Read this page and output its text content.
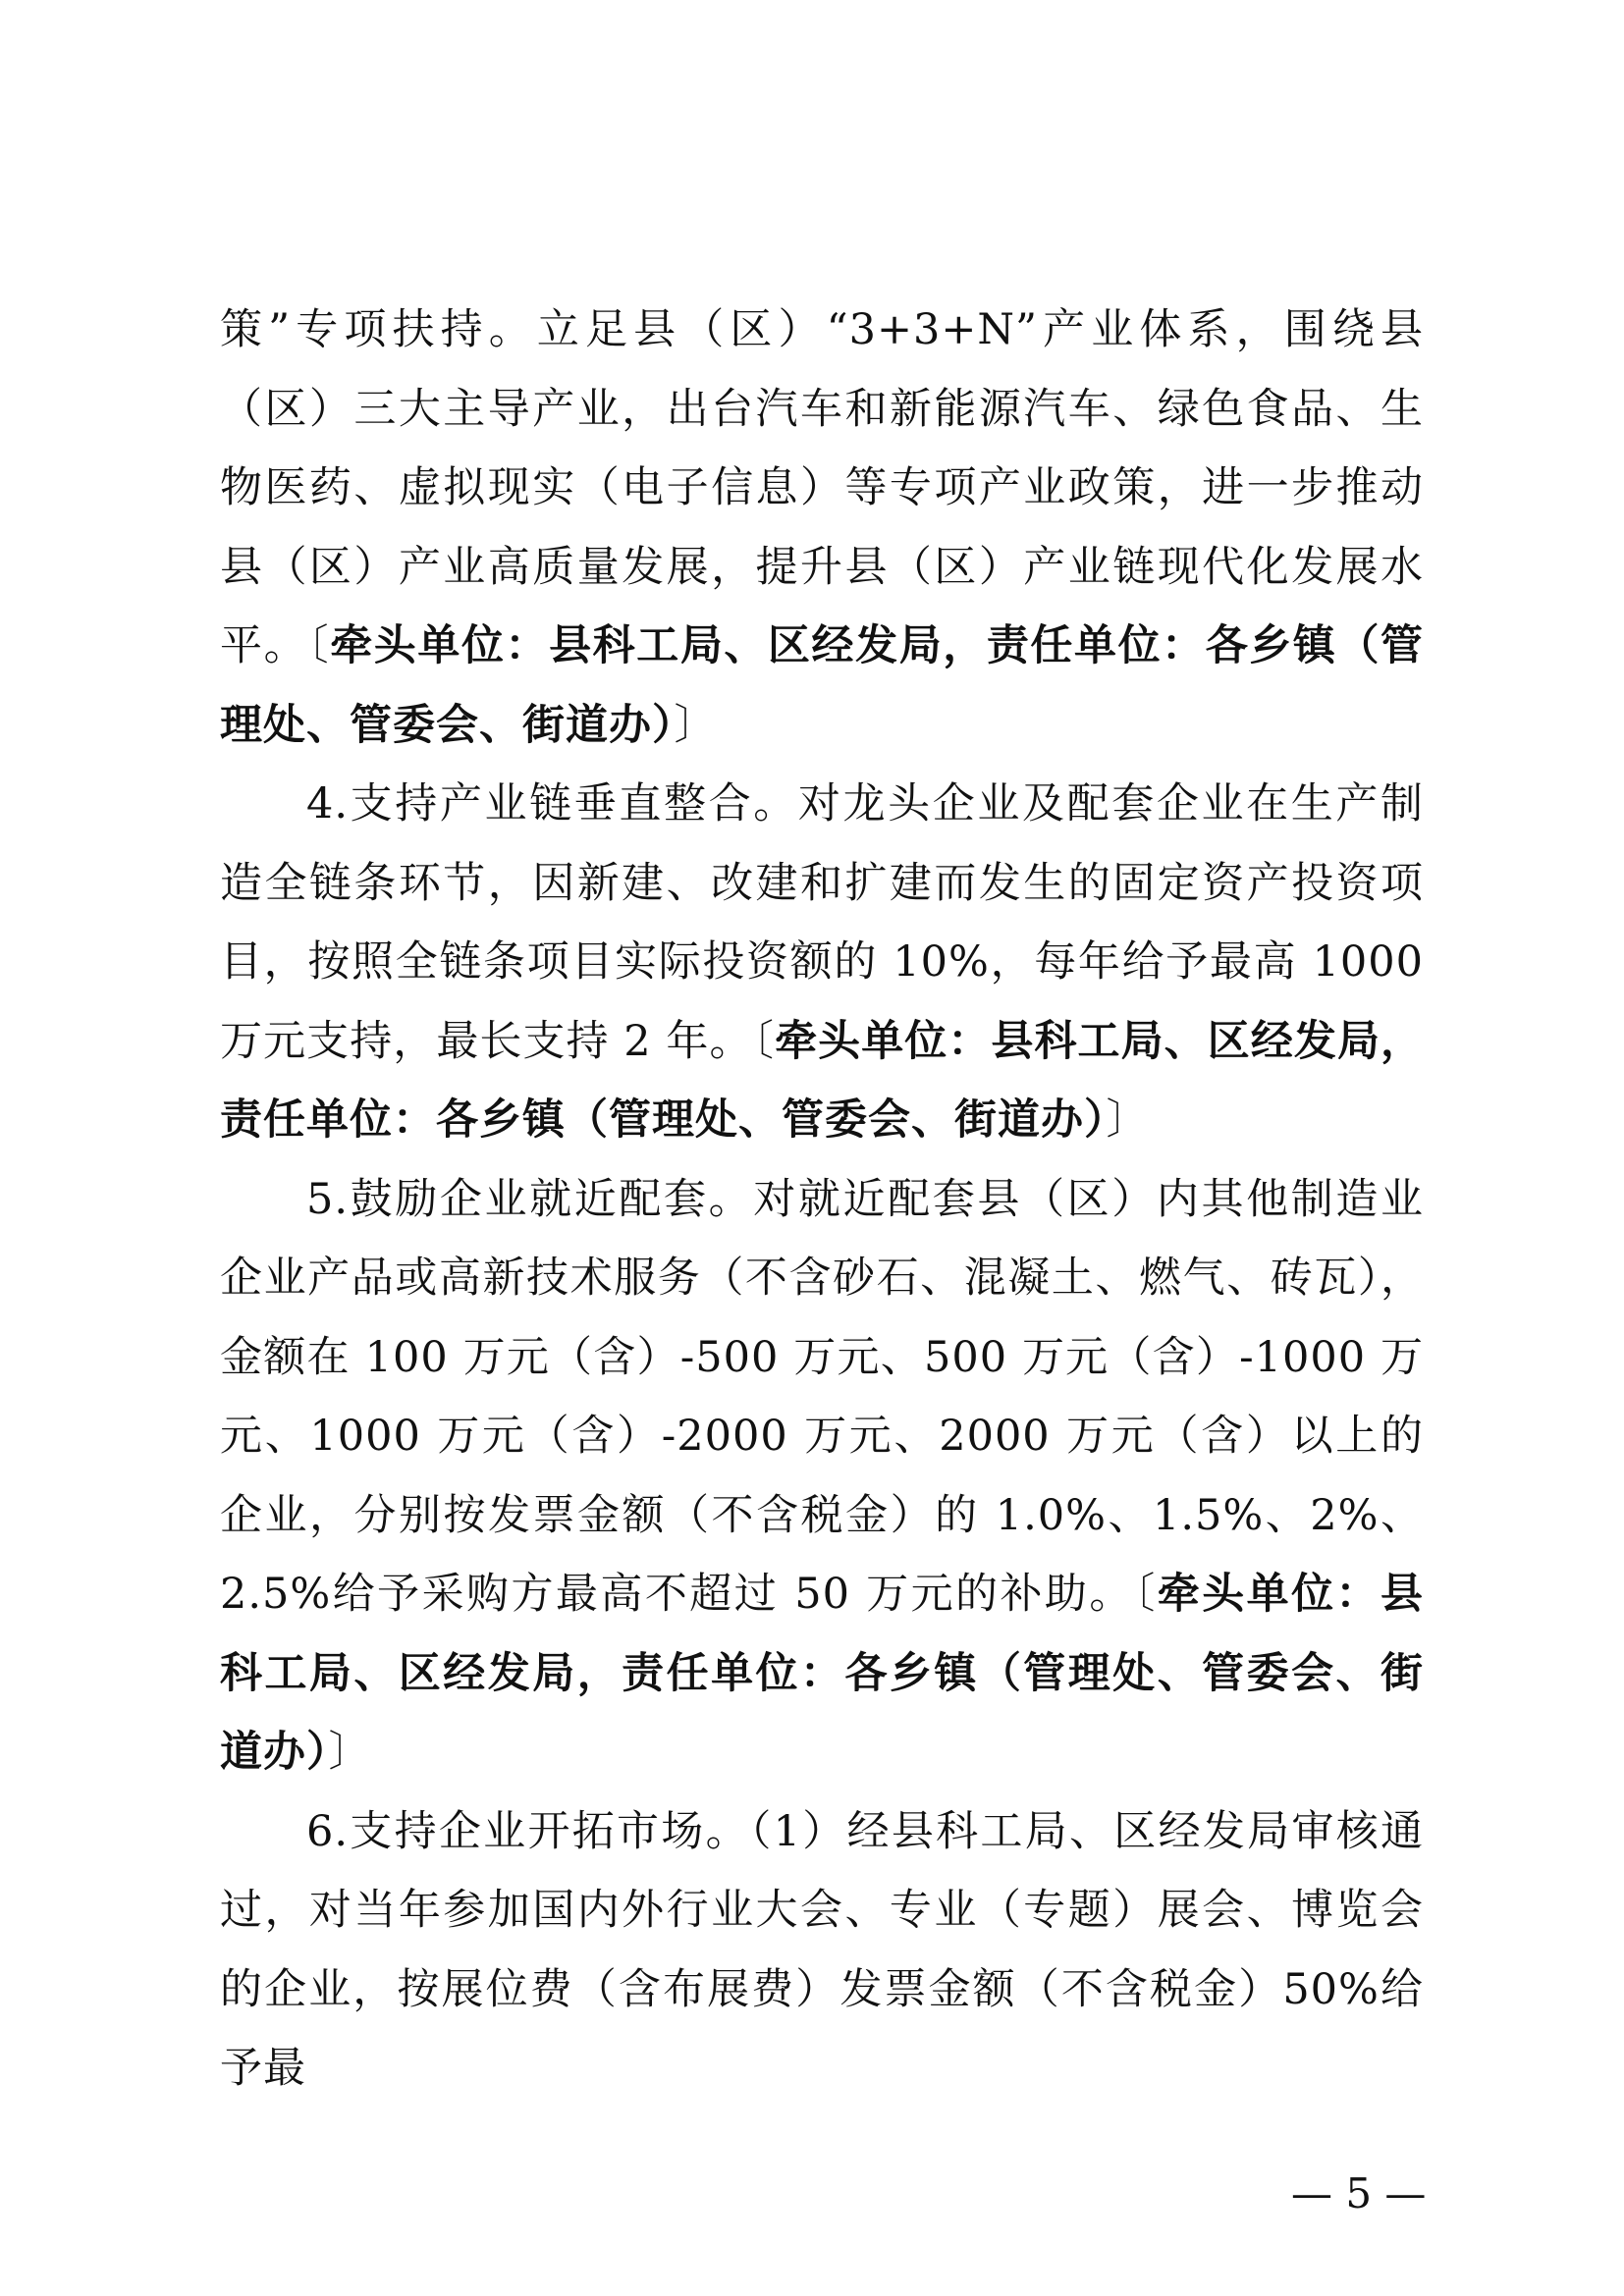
策”专项扶持。立足县（区）“3+3+N”产业体系，围绕县（区）三大主导产业，出台汽车和新能源汽车、绿色食品、生物医药、虚拟现实（电子信息）等专项产业政策，进一步推动县（区）产业高质量发展，提升县（区）产业链现代化发展水平。〔牵头单位：县科工局、区经发局，责任单位：各乡镇（管理处、管委会、街道办）〕

4.支持产业链垂直整合。对龙头企业及配套企业在生产制造全链条环节，因新建、改建和扩建而发生的固定资产投资项目，按照全链条项目实际投资额的 10%，每年给予最高 1000 万元支持，最长支持 2 年。〔牵头单位：县科工局、区经发局，责任单位：各乡镇（管理处、管委会、街道办）〕

5.鼓励企业就近配套。对就近配套县（区）内其他制造业企业产品或高新技术服务（不含砂石、混凝土、燃气、砖瓦），金额在 100 万元（含）-500 万元、500 万元（含）-1000 万元、1000 万元（含）-2000 万元、2000 万元（含）以上的企业，分别按发票金额（不含税金）的 1.0%、1.5%、2%、2.5%给予采购方最高不超过 50 万元的补助。〔牵头单位：县科工局、区经发局，责任单位：各乡镇（管理处、管委会、街道办）〕

6.支持企业开拓市场。（1）经县科工局、区经发局审核通过，对当年参加国内外行业大会、专业（专题）展会、博览会的企业，按展位费（含布展费）发票金额（不含税金）50%给予最

— 5 —
